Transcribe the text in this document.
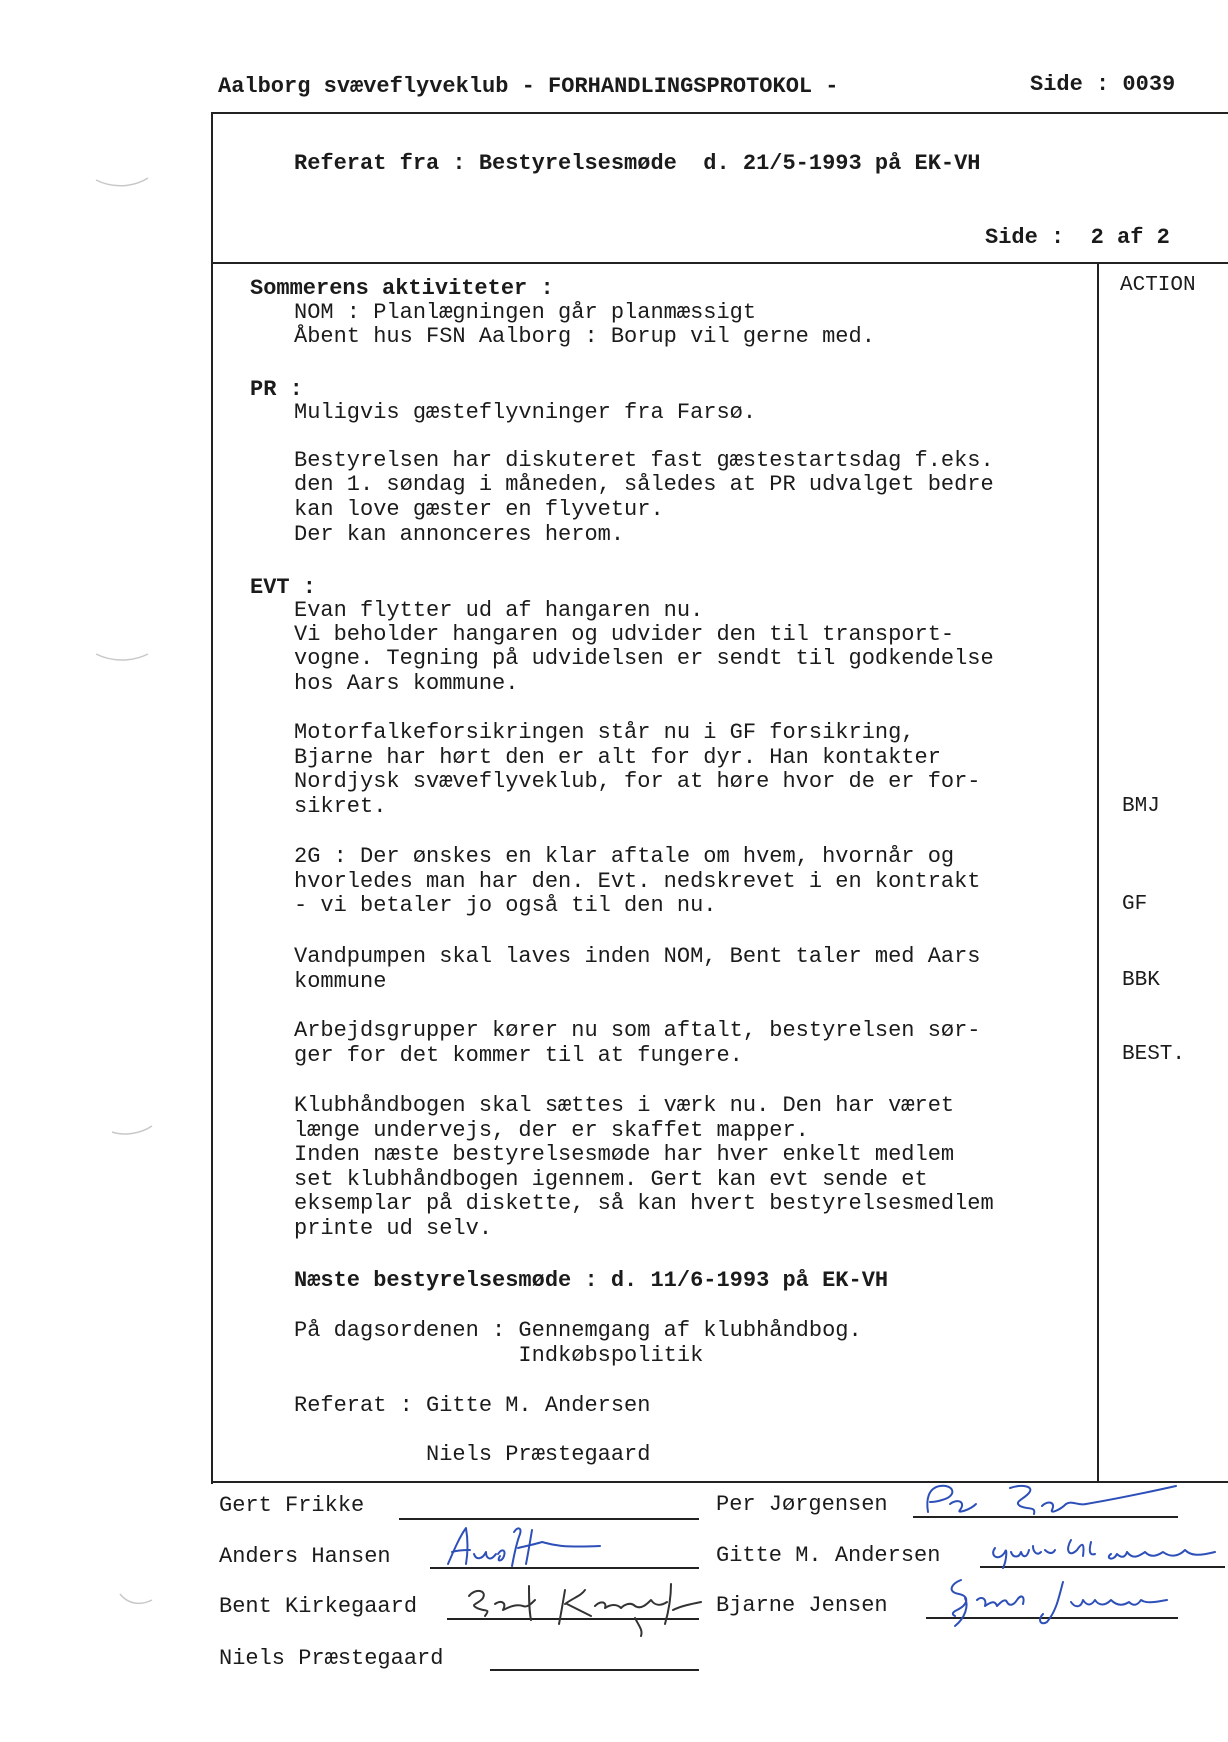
Aalborg svæveflyveklub - FORHANDLINGSPROTOKOL -	Side : 0039
Referat fra : Bestyrelsesmøde  d. 21/5-1993 på EK-VH
Side :  2 af 2
ACTION
Sommerens aktiviteter :
NOM : Planlægningen går planmæssigt
Åbent hus FSN Aalborg : Borup vil gerne med.
PR :
Muligvis gæsteflyvninger fra Farsø.
Bestyrelsen har diskuteret fast gæstestartsdag f.eks.
den 1. søndag i måneden, således at PR udvalget bedre
kan love gæster en flyvetur.
Der kan annonceres herom.
EVT :
Evan flytter ud af hangaren nu.
Vi beholder hangaren og udvider den til transport-
vogne. Tegning på udvidelsen er sendt til godkendelse
hos Aars kommune.
Motorfalkeforsikringen står nu i GF forsikring,
Bjarne har hørt den er alt for dyr. Han kontakter
Nordjysk svæveflyveklub, for at høre hvor de er for-
sikret.	BMJ
2G : Der ønskes en klar aftale om hvem, hvornår og
hvorledes man har den. Evt. nedskrevet i en kontrakt
- vi betaler jo også til den nu.	GF
Vandpumpen skal laves inden NOM, Bent taler med Aars
kommune	BBK
Arbejdsgrupper kører nu som aftalt, bestyrelsen sør-
ger for det kommer til at fungere.	BEST.
Klubhåndbogen skal sættes i værk nu. Den har været
længe undervejs, der er skaffet mapper.
Inden næste bestyrelsesmøde har hver enkelt medlem
set klubhåndbogen igennem. Gert kan evt sende et
eksemplar på diskette, så kan hvert bestyrelsesmedlem
printe ud selv.
Næste bestyrelsesmøde : d. 11/6-1993 på EK-VH
På dagsordenen : Gennemgang af klubhåndbog.
Indkøbspolitik
Referat : Gitte M. Andersen
Niels Præstegaard
Gert Frikke	Per Jørgensen
Anders Hansen	Gitte M. Andersen
Bent Kirkegaard	Bjarne Jensen
Niels Præstegaard
